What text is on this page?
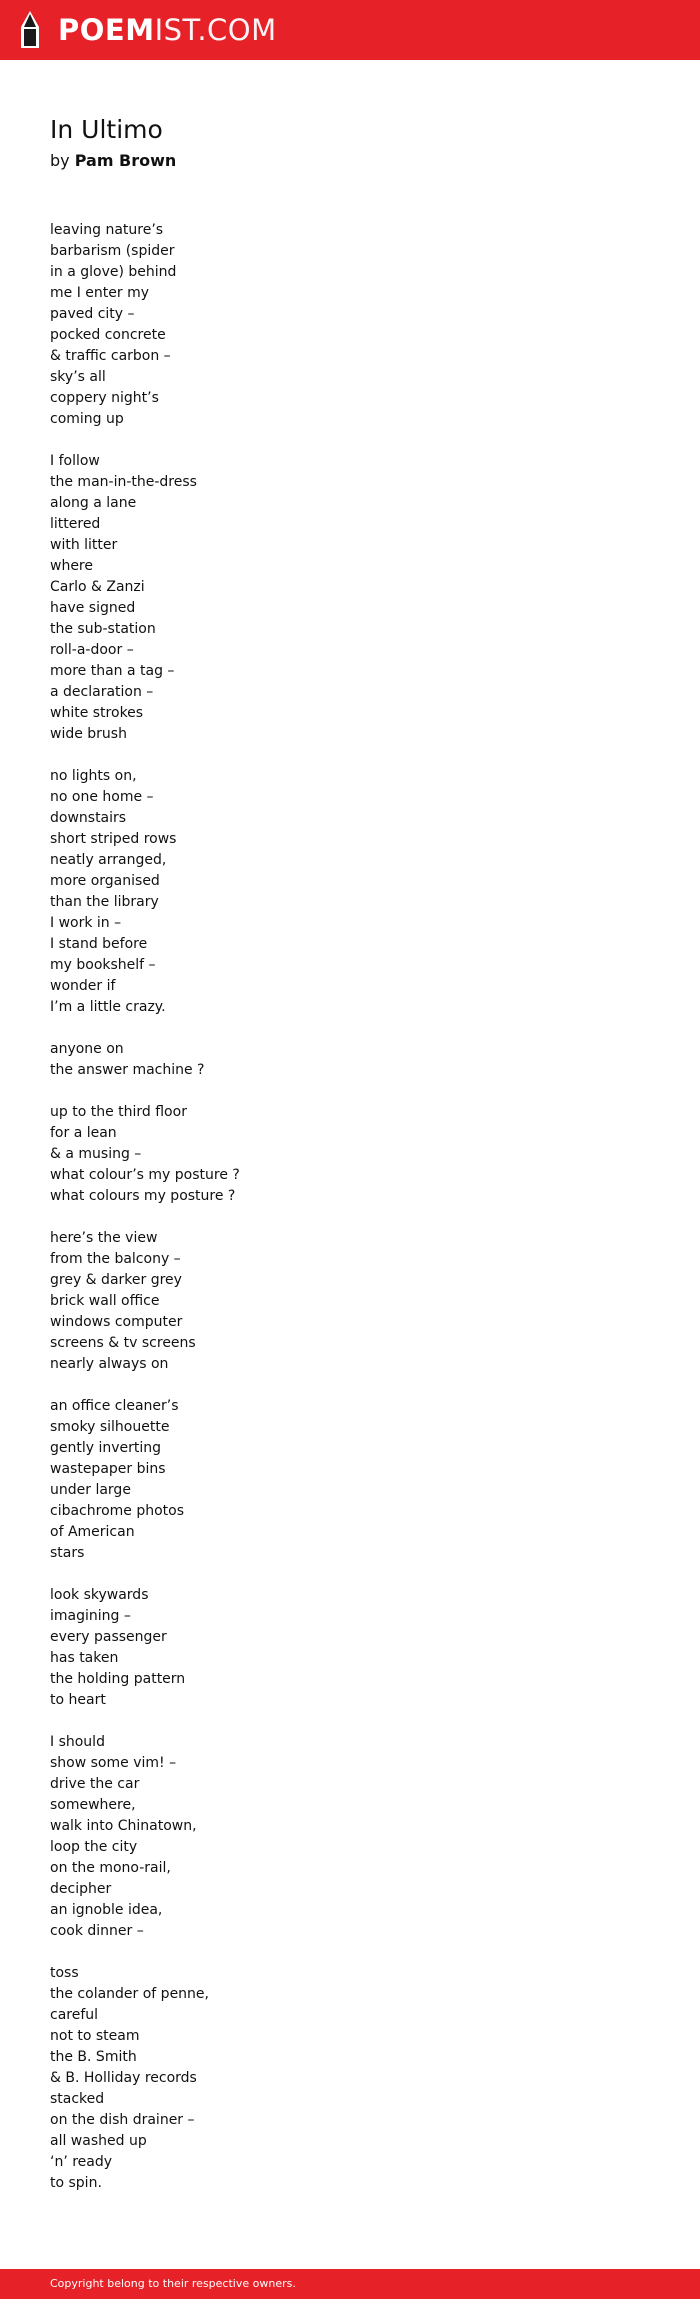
POEMIST.COM
In Ultimo
by Pam Brown
leaving nature’s
barbarism (spider
in a glove) behind
me I enter my
paved city –
pocked concrete
& traffic carbon –
sky’s all
coppery night’s
coming up
I follow
the man-in-the-dress
along a lane
littered
with litter
where
Carlo & Zanzi
have signed
the sub-station
roll-a-door –
more than a tag –
a declaration –
white strokes
wide brush
no lights on,
no one home –
downstairs
short striped rows
neatly arranged,
more organised
than the library
I work in –
I stand before
my bookshelf –
wonder if
I’m a little crazy.
anyone on
the answer machine ?
up to the third floor
for a lean
& a musing –
what colour’s my posture ?
what colours my posture ?
here’s the view
from the balcony –
grey & darker grey
brick wall office
windows computer
screens & tv screens
nearly always on
an office cleaner’s
smoky silhouette
gently inverting
wastepaper bins
under large
cibachrome photos
of American
stars
look skywards
imagining –
every passenger
has taken
the holding pattern
to heart
I should
show some vim! –
drive the car
somewhere,
walk into Chinatown,
loop the city
on the mono-rail,
decipher
an ignoble idea,
cook dinner –
toss
the colander of penne,
careful
not to steam
the B. Smith
& B. Holliday records
stacked
on the dish drainer –
all washed up
‘n’ ready
to spin.
Copyright belong to their respective owners.
